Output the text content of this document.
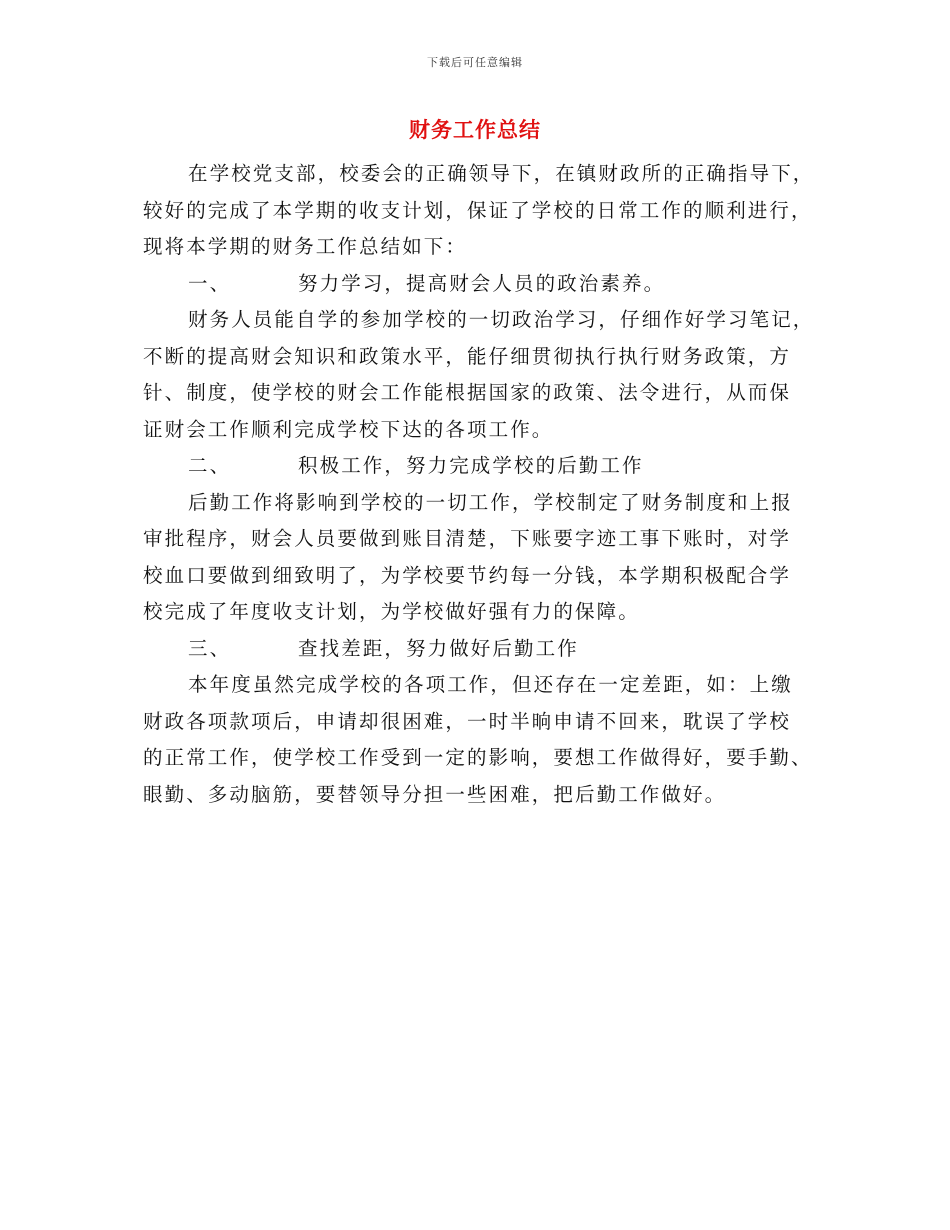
下载后可任意编辑
财务工作总结
在学校党支部，校委会的正确领导下，在镇财政所的正确指导下，
较好的完成了本学期的收支计划，保证了学校的日常工作的顺利进行，
现将本学期的财务工作总结如下：
一、	努力学习，提高财会人员的政治素养。
财务人员能自学的参加学校的一切政治学习，仔细作好学习笔记，
不断的提高财会知识和政策水平，能仔细贯彻执行执行财务政策，方
针、制度，使学校的财会工作能根据国家的政策、法令进行，从而保
证财会工作顺利完成学校下达的各项工作。
二、	积极工作，努力完成学校的后勤工作
后勤工作将影响到学校的一切工作，学校制定了财务制度和上报
审批程序，财会人员要做到账目清楚，下账要字迹工事下账时，对学
校血口要做到细致明了，为学校要节约每一分钱，本学期积极配合学
校完成了年度收支计划，为学校做好强有力的保障。
三、	查找差距，努力做好后勤工作
本年度虽然完成学校的各项工作，但还存在一定差距，如：上缴
财政各项款项后，申请却很困难，一时半晌申请不回来，耽误了学校
的正常工作，使学校工作受到一定的影响，要想工作做得好，要手勤、
眼勤、多动脑筋，要替领导分担一些困难，把后勤工作做好。
